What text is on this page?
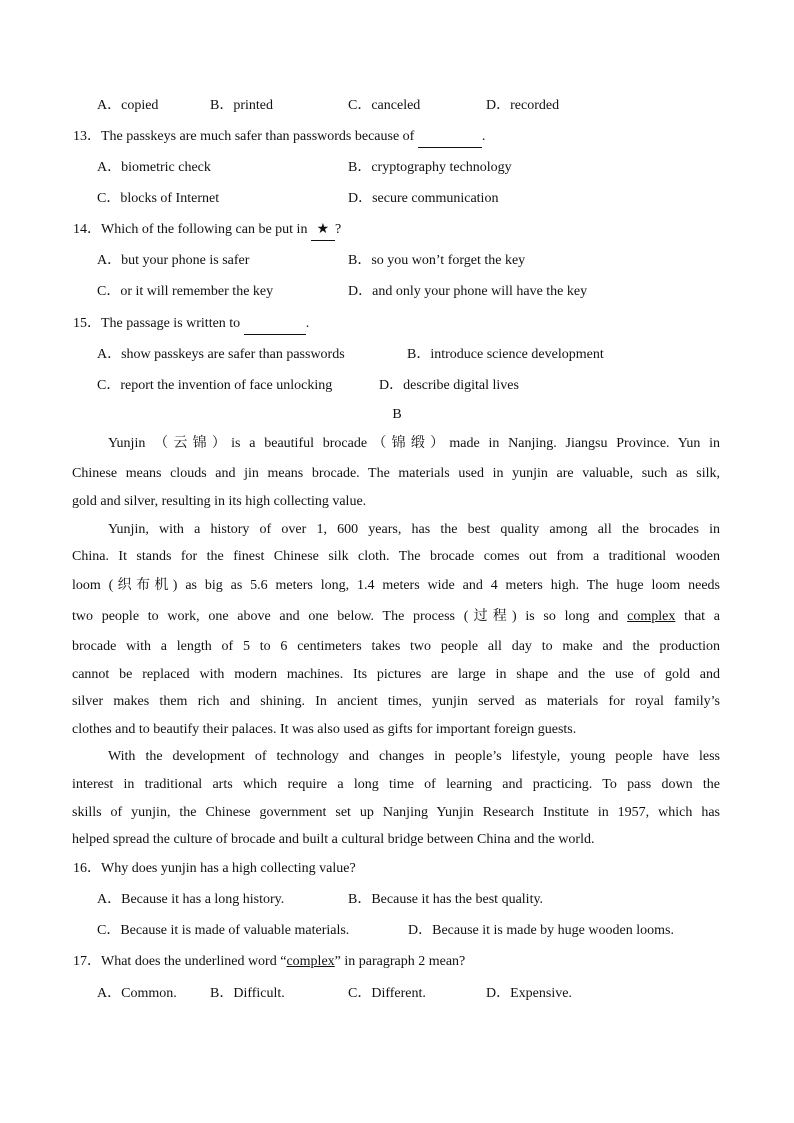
A．copied	B．printed	C．canceled	D．recorded
13．The passkeys are much safer than passwords because of	.
A．biometric check	B．cryptography technology
C．blocks of Internet	D．secure communication
14．Which of the following can be put in ★ ?
A．but your phone is safer	B．so you won’t forget the key
C．or it will remember the key	D．and only your phone will have the key
15．The passage is written to	.
A．show passkeys are safer than passwords	B．introduce science development
C．report the invention of face unlocking	D．describe digital lives
B
Yunjin （云锦）is a beautiful brocade（锦缎）made in Nanjing. Jiangsu Province. Yun in
Chinese means clouds and jin means brocade. The materials used in yunjin are valuable, such as silk,
gold and silver, resulting in its high collecting value.
Yunjin, with a history of over 1, 600 years, has the best quality among all the brocades in
China. It stands for the finest Chinese silk cloth. The brocade comes out from a traditional wooden
loom (织布机) as big as 5.6 meters long, 1.4 meters wide and 4 meters high. The huge loom needs
two people to work, one above and one below. The process (过程) is so long and complex that a
brocade with a length of 5 to 6 centimeters takes two people all day to make and the production
cannot be replaced with modern machines. Its pictures are large in shape and the use of gold and
silver makes them rich and shining. In ancient times, yunjin served as materials for royal family’s
clothes and to beautify their palaces. It was also used as gifts for important foreign guests.
With the development of technology and changes in people’s lifestyle, young people have less
interest in traditional arts which require a long time of learning and practicing. To pass down the
skills of yunjin, the Chinese government set up Nanjing Yunjin Research Institute in 1957, which has
helped spread the culture of brocade and built a cultural bridge between China and the world.
16．Why does yunjin has a high collecting value?
A．Because it has a long history.	B．Because it has the best quality.
C．Because it is made of valuable materials.	D．Because it is made by huge wooden looms.
17．What does the underlined word “complex” in paragraph 2 mean?
A．Common. B．Difficult.	C．Different.	D．Expensive.
